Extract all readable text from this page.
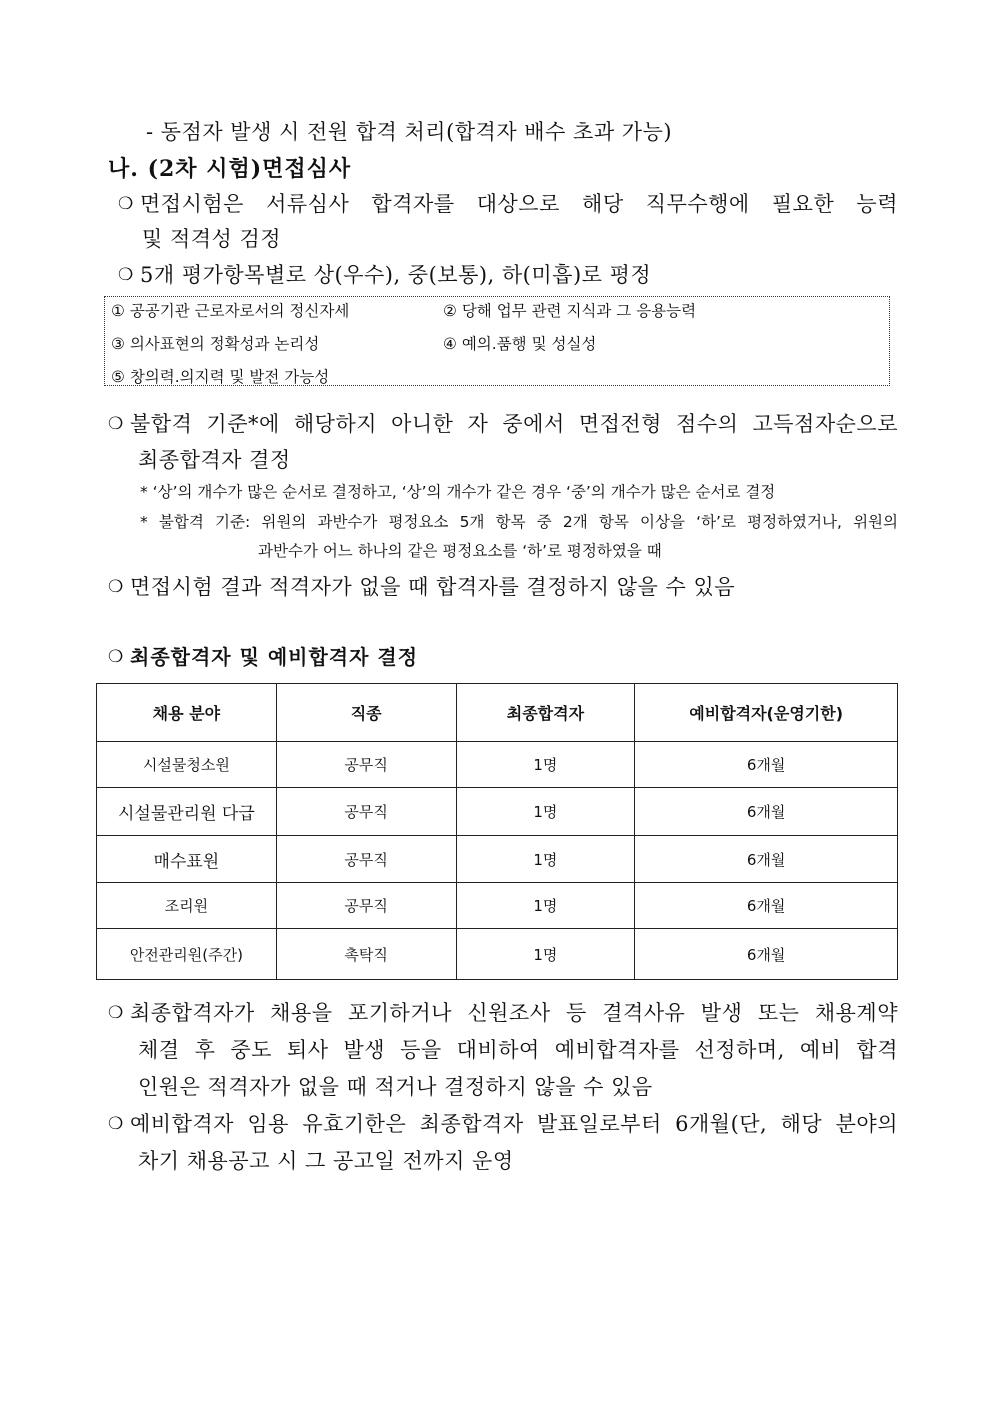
- 동점자 발생 시 전원 합격 처리(합격자 배수 초과 가능)
나. (2차 시험)면접심사
❍ 면접시험은 서류심사 합격자를 대상으로 해당 직무수행에 필요한 능력
및 적격성 검정
❍ 5개 평가항목별로 상(우수), 중(보통), 하(미흡)로 평정
① 공공기관 근로자로서의 정신자세	② 당해 업무 관련 지식과 그 응용능력
③ 의사표현의 정확성과 논리성	④ 예의.품행 및 성실성
⑤ 창의력.의지력 및 발전 가능성
❍ 불합격 기준*에 해당하지 아니한 자 중에서 면접전형 점수의 고득점자순으로
최종합격자 결정
* ‘상’의 개수가 많은 순서로 결정하고, ‘상’의 개수가 같은 경우 ‘중’의 개수가 많은 순서로 결정
* 불합격 기준: 위원의 과반수가 평정요소 5개 항목 중 2개 항목 이상을 ‘하’로 평정하였거나, 위원의
과반수가 어느 하나의 같은 평정요소를 ‘하’로 평정하였을 때
❍ 면접시험 결과 적격자가 없을 때 합격자를 결정하지 않을 수 있음
❍ 최종합격자 및 예비합격자 결정
채용 분야	직종	최종합격자	예비합격자(운영기한)
시설물청소원	공무직	1명	6개월
시설물관리원 다급	공무직	1명	6개월
매수표원	공무직	1명	6개월
조리원	공무직	1명	6개월
안전관리원(주간)	촉탁직	1명	6개월
❍ 최종합격자가 채용을 포기하거나 신원조사 등 결격사유 발생 또는 채용계약
체결 후 중도 퇴사 발생 등을 대비하여 예비합격자를 선정하며, 예비 합격
인원은 적격자가 없을 때 적거나 결정하지 않을 수 있음
❍ 예비합격자 임용 유효기한은 최종합격자 발표일로부터 6개월(단, 해당 분야의
차기 채용공고 시 그 공고일 전까지 운영
